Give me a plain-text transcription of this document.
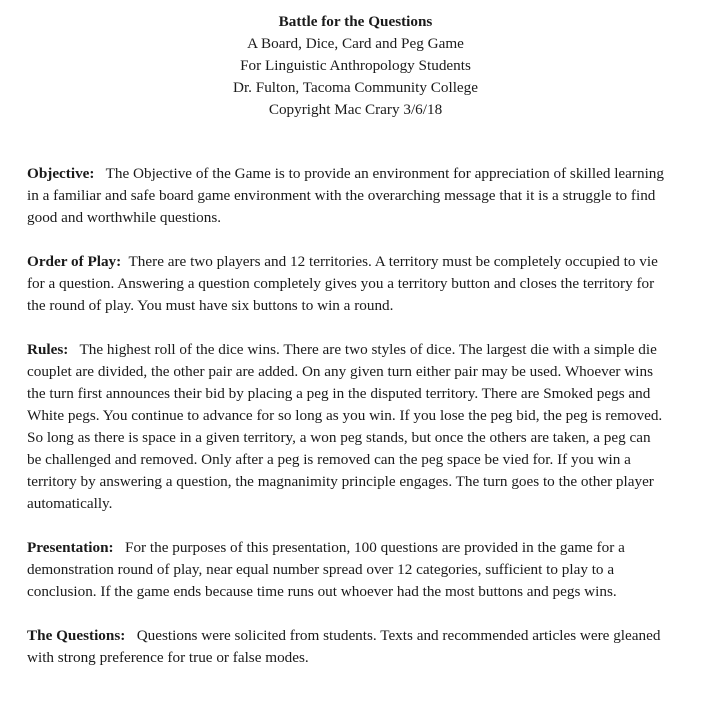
Battle for the Questions
A Board, Dice, Card and Peg Game
For Linguistic Anthropology Students
Dr. Fulton, Tacoma Community College
Copyright Mac Crary 3/6/18

Objective: The Objective of the Game is to provide an environment for appreciation of skilled learning in a familiar and safe board game environment with the overarching message that it is a struggle to find good and worthwhile questions.

Order of Play: There are two players and 12 territories. A territory must be completely occupied to vie for a question. Answering a question completely gives you a territory button and closes the territory for the round of play. You must have six buttons to win a round.

Rules: The highest roll of the dice wins. There are two styles of dice. The largest die with a simple die couplet are divided, the other pair are added. On any given turn either pair may be used. Whoever wins the turn first announces their bid by placing a peg in the disputed territory. There are Smoked pegs and White pegs. You continue to advance for so long as you win. If you lose the peg bid, the peg is removed. So long as there is space in a given territory, a won peg stands, but once the others are taken, a peg can be challenged and removed. Only after a peg is removed can the peg space be vied for. If you win a territory by answering a question, the magnanimity principle engages. The turn goes to the other player automatically.

Presentation: For the purposes of this presentation, 100 questions are provided in the game for a demonstration round of play, near equal number spread over 12 categories, sufficient to play to a conclusion. If the game ends because time runs out whoever had the most buttons and pegs wins.

The Questions: Questions were solicited from students. Texts and recommended articles were gleaned with strong preference for true or false modes.
